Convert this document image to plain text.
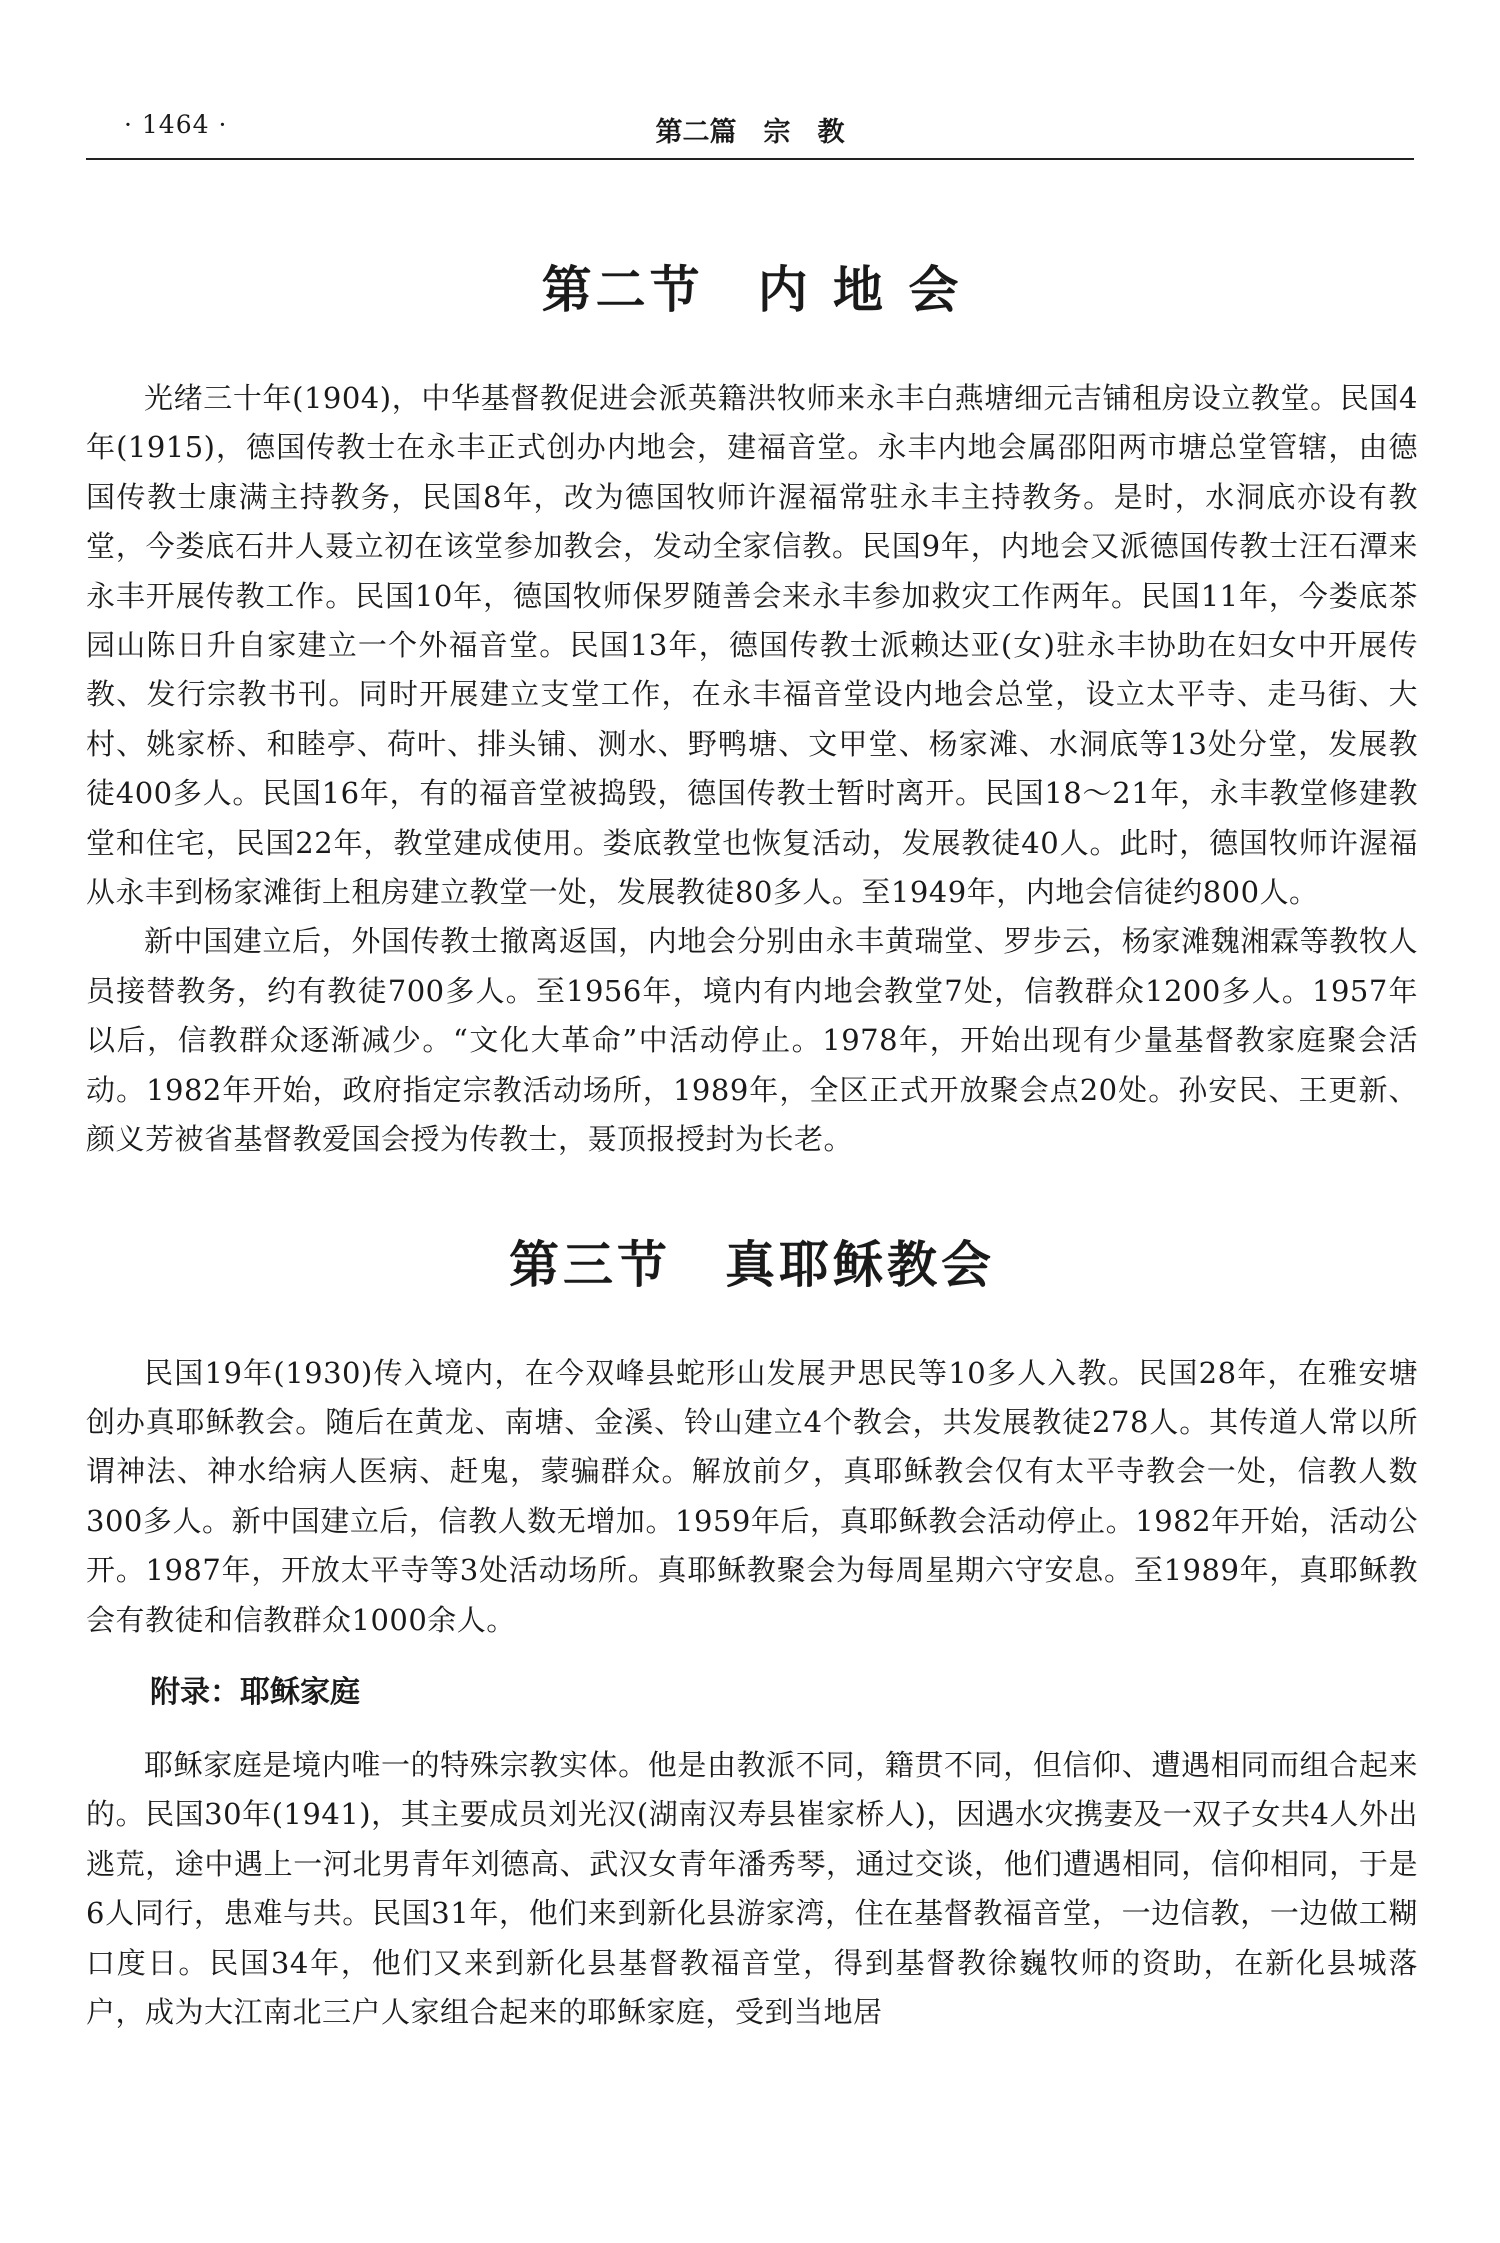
· 1464 ·	第二篇　宗　教
第二节　内 地 会

光绪三十年(1904)，中华基督教促进会派英籍洪牧师来永丰白燕塘细元吉铺租房设立教堂。民国4年(1915)，德国传教士在永丰正式创办内地会，建福音堂。永丰内地会属邵阳两市塘总堂管辖，由德国传教士康满主持教务，民国8年，改为德国牧师许渥福常驻永丰主持教务。是时，水洞底亦设有教堂，今娄底石井人聂立初在该堂参加教会，发动全家信教。民国9年，内地会又派德国传教士汪石潭来永丰开展传教工作。民国10年，德国牧师保罗随善会来永丰参加救灾工作两年。民国11年，今娄底茶园山陈日升自家建立一个外福音堂。民国13年，德国传教士派赖达亚(女)驻永丰协助在妇女中开展传教、发行宗教书刊。同时开展建立支堂工作，在永丰福音堂设内地会总堂，设立太平寺、走马街、大村、姚家桥、和睦亭、荷叶、排头铺、测水、野鸭塘、文甲堂、杨家滩、水洞底等13处分堂，发展教徒400多人。民国16年，有的福音堂被捣毁，德国传教士暂时离开。民国18～21年，永丰教堂修建教堂和住宅，民国22年，教堂建成使用。娄底教堂也恢复活动，发展教徒40人。此时，德国牧师许渥福从永丰到杨家滩街上租房建立教堂一处，发展教徒80多人。至1949年，内地会信徒约800人。

新中国建立后，外国传教士撤离返国，内地会分别由永丰黄瑞堂、罗步云，杨家滩魏湘霖等教牧人员接替教务，约有教徒700多人。至1956年，境内有内地会教堂7处，信教群众1200多人。1957年以后，信教群众逐渐减少。“文化大革命”中活动停止。1978年，开始出现有少量基督教家庭聚会活动。1982年开始，政府指定宗教活动场所，1989年，全区正式开放聚会点20处。孙安民、王更新、颜义芳被省基督教爱国会授为传教士，聂顶报授封为长老。

第三节　真耶稣教会

民国19年(1930)传入境内，在今双峰县蛇形山发展尹思民等10多人入教。民国28年，在雅安塘创办真耶稣教会。随后在黄龙、南塘、金溪、铃山建立4个教会，共发展教徒278人。其传道人常以所谓神法、神水给病人医病、赶鬼，蒙骗群众。解放前夕，真耶稣教会仅有太平寺教会一处，信教人数300多人。新中国建立后，信教人数无增加。1959年后，真耶稣教会活动停止。1982年开始，活动公开。1987年，开放太平寺等3处活动场所。真耶稣教聚会为每周星期六守安息。至1989年，真耶稣教会有教徒和信教群众1000余人。

附录：耶稣家庭

耶稣家庭是境内唯一的特殊宗教实体。他是由教派不同，籍贯不同，但信仰、遭遇相同而组合起来的。民国30年(1941)，其主要成员刘光汉(湖南汉寿县崔家桥人)，因遇水灾携妻及一双子女共4人外出逃荒，途中遇上一河北男青年刘德高、武汉女青年潘秀琴，通过交谈，他们遭遇相同，信仰相同，于是6人同行，患难与共。民国31年，他们来到新化县游家湾，住在基督教福音堂，一边信教，一边做工糊口度日。民国34年，他们又来到新化县基督教福音堂，得到基督教徐巍牧师的资助，在新化县城落户，成为大江南北三户人家组合起来的耶稣家庭，受到当地居
